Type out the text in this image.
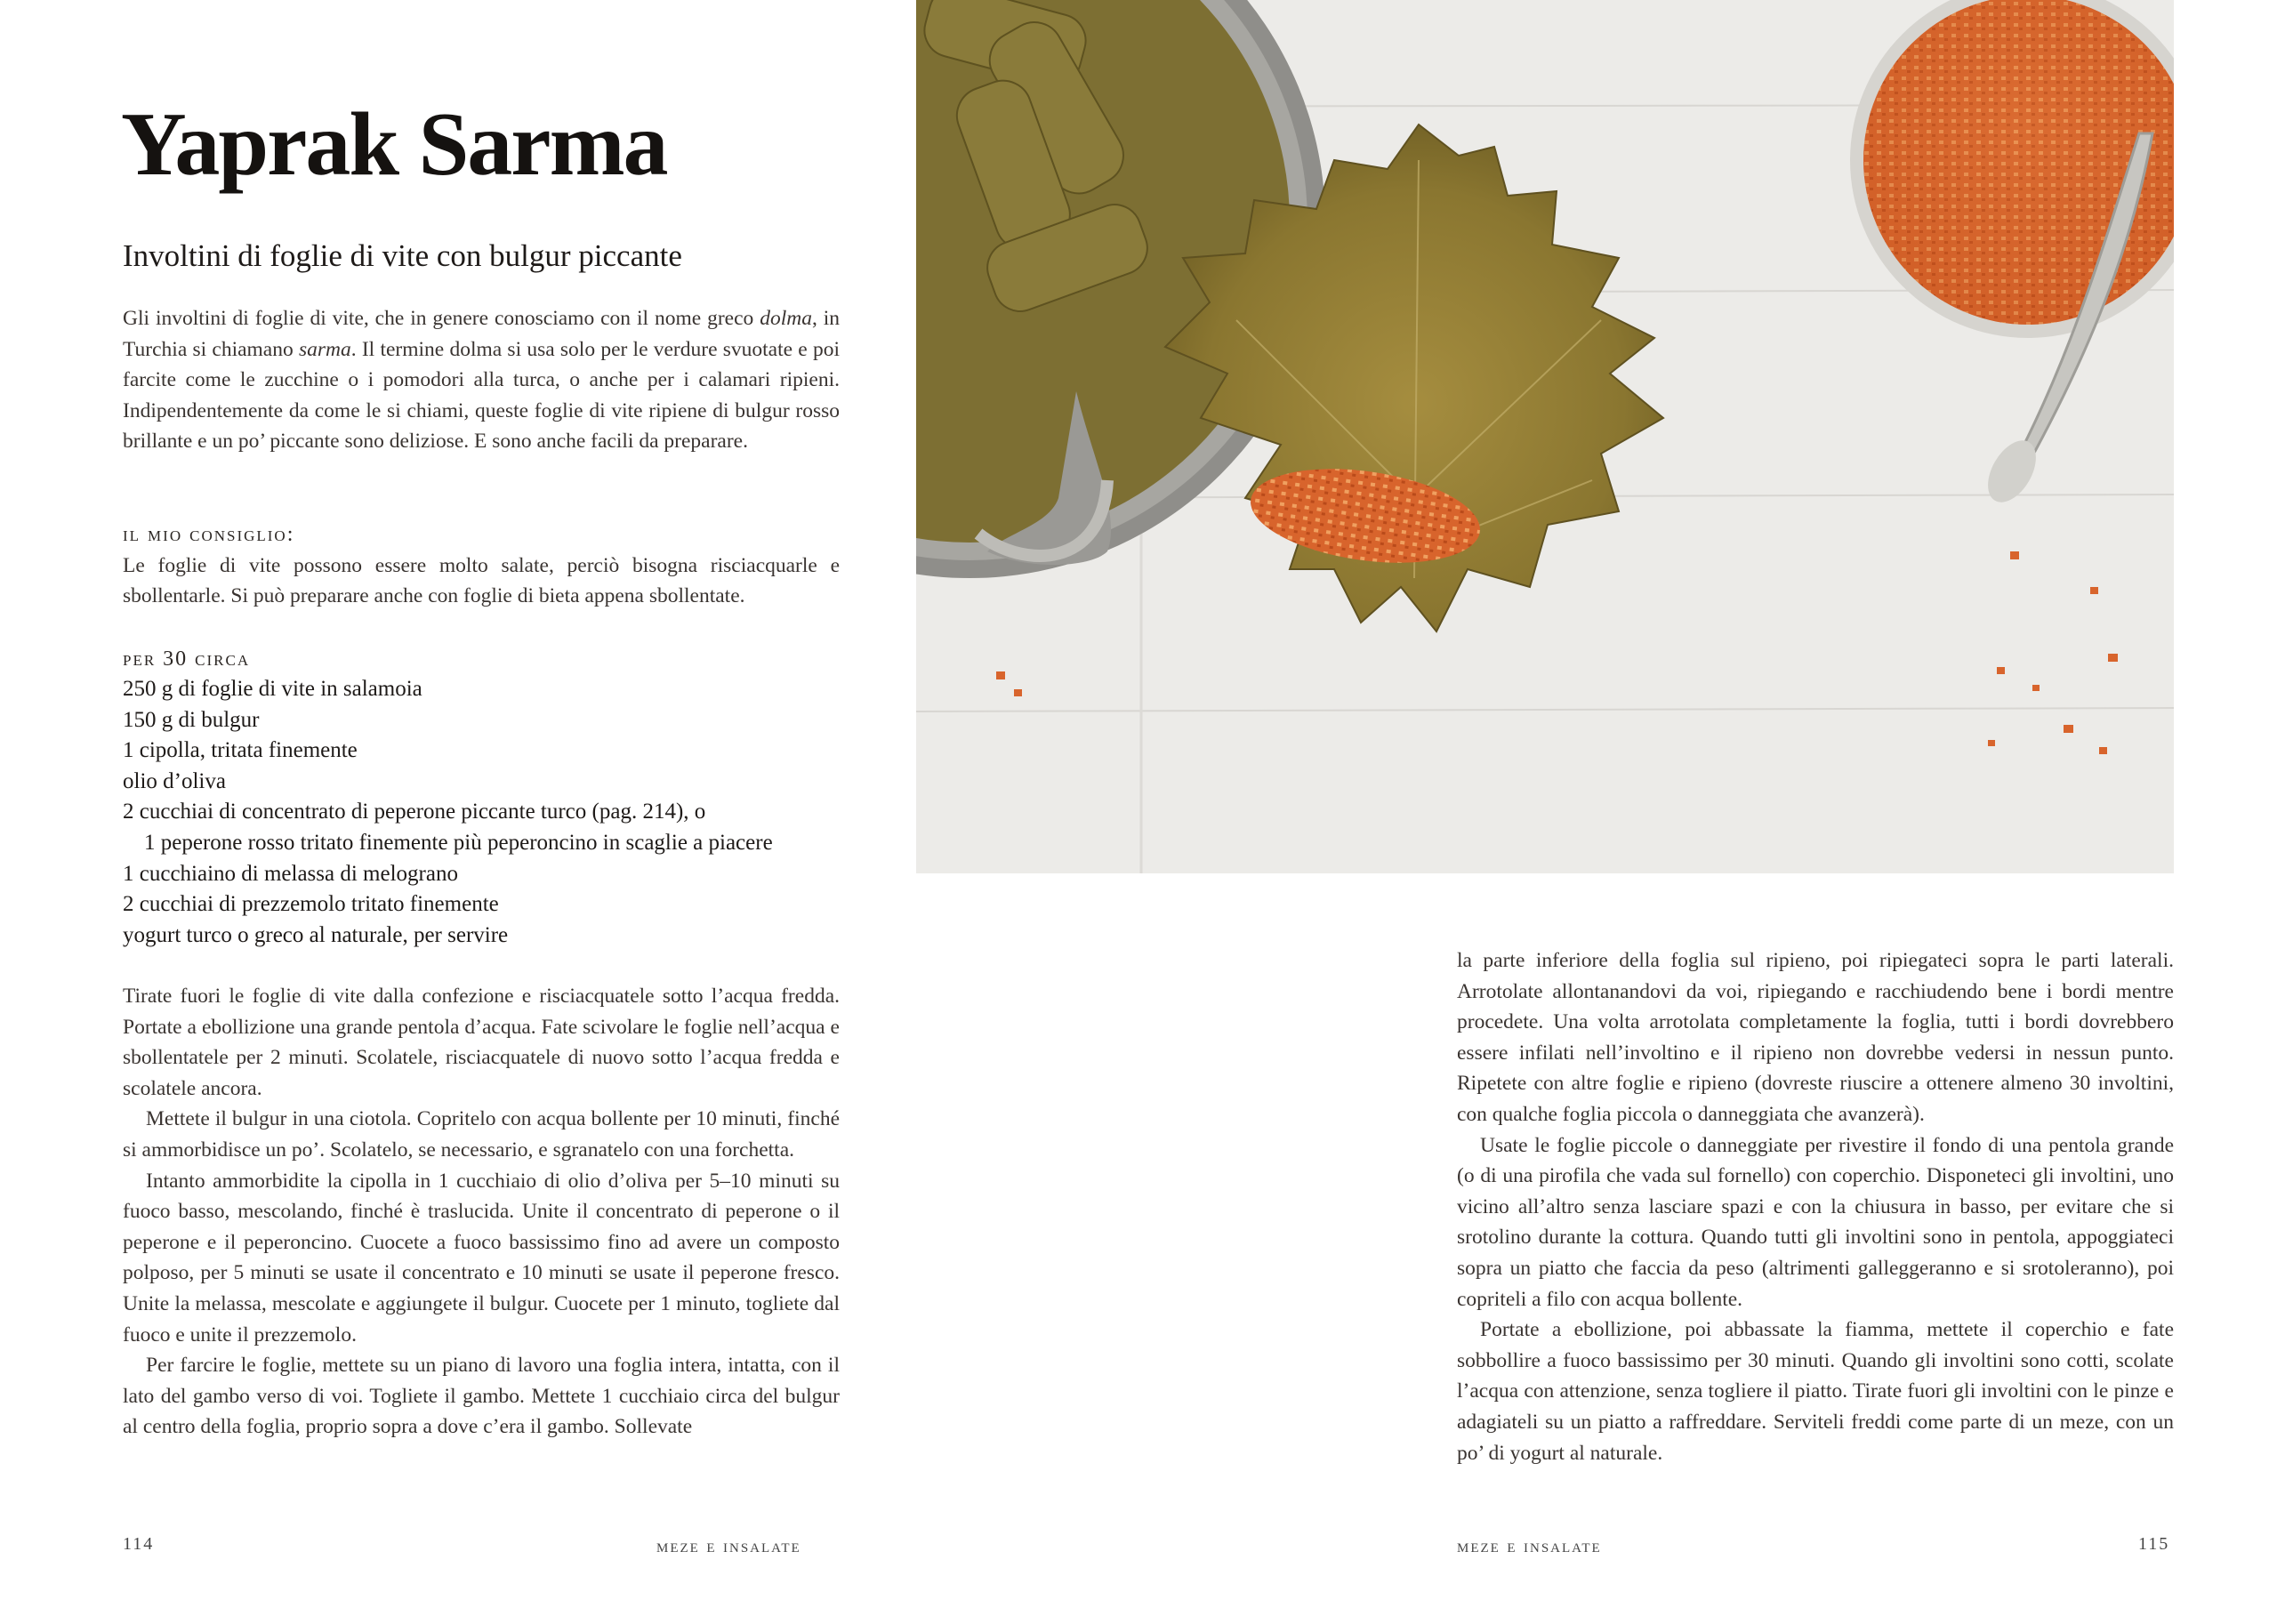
Yaprak Sarma
Involtini di foglie di vite con bulgur piccante

Gli involtini di foglie di vite, che in genere conosciamo con il nome greco dolma, in Turchia si chiamano sarma. Il termine dolma si usa solo per le verdure svuotate e poi farcite come le zucchine o i pomodori alla turca, o anche per i calamari ripieni. Indipendentemente da come le si chiami, queste foglie di vite ripiene di bulgur rosso brillante e un po’ piccante sono deliziose. E sono anche facili da preparare.

il mio consiglio:
Le foglie di vite possono essere molto salate, perciò bisogna risciacquarle e sbollentarle. Si può preparare anche con foglie di bieta appena sbollentate.
per 30 circa
250 g di foglie di vite in salamoia
150 g di bulgur
1 cipolla, tritata finemente
olio d’oliva
2 cucchiai di concentrato di peperone piccante turco (pag. 214), o
1 peperone rosso tritato finemente più peperoncino in scaglie a piacere
1 cucchiaino di melassa di melograno
2 cucchiai di prezzemolo tritato finemente
yogurt turco o greco al naturale, per servire
Tirate fuori le foglie di vite dalla confezione e risciacquatele sotto l’acqua fredda. Portate a ebollizione una grande pentola d’acqua. Fate scivolare le foglie nell’acqua e sbollentatele per 2 minuti. Scolatele, risciacquatele di nuovo sotto l’acqua fredda e scolatele ancora.
Mettete il bulgur in una ciotola. Copritelo con acqua bollente per 10 minuti, finché si ammorbidisce un po’. Scolatelo, se necessario, e sgranatelo con una forchetta.
Intanto ammorbidite la cipolla in 1 cucchiaio di olio d’oliva per 5–10 minuti su fuoco basso, mescolando, finché è traslucida. Unite il concentrato di peperone o il peperone e il peperoncino. Cuocete a fuoco bassissimo fino ad avere un composto polposo, per 5 minuti se usate il concentrato e 10 minuti se usate il peperone fresco. Unite la melassa, mescolate e aggiungete il bulgur. Cuocete per 1 minuto, togliete dal fuoco e unite il prezzemolo.
Per farcire le foglie, mettete su un piano di lavoro una foglia intera, intatta, con il lato del gambo verso di voi. Togliete il gambo. Mettete 1 cucchiaio circa del bulgur al centro della foglia, proprio sopra a dove c’era il gambo. Sollevate
114	meze e insalate
la parte inferiore della foglia sul ripieno, poi ripiegateci sopra le parti laterali. Arrotolate allontanandovi da voi, ripiegando e racchiudendo bene i bordi mentre procedete. Una volta arrotolata completamente la foglia, tutti i bordi dovrebbero essere infilati nell’involtino e il ripieno non dovrebbe vedersi in nessun punto. Ripetete con altre foglie e ripieno (dovreste riuscire a ottenere almeno 30 involtini, con qualche foglia piccola o danneggiata che avanzerà).
Usate le foglie piccole o danneggiate per rivestire il fondo di una pentola grande (o di una pirofila che vada sul fornello) con coperchio. Disponeteci gli involtini, uno vicino all’altro senza lasciare spazi e con la chiusura in basso, per evitare che si srotolino durante la cottura. Quando tutti gli involtini sono in pentola, appoggiateci sopra un piatto che faccia da peso (altrimenti galleggeranno e si srotoleranno), poi copriteli a filo con acqua bollente.
Portate a ebollizione, poi abbassate la fiamma, mettete il coperchio e fate sobbollire a fuoco bassissimo per 30 minuti. Quando gli involtini sono cotti, scolate l’acqua con attenzione, senza togliere il piatto. Tirate fuori gli involtini con le pinze e adagiateli su un piatto a raffreddare. Serviteli freddi come parte di un meze, con un po’ di yogurt al naturale.
meze e insalate	115
